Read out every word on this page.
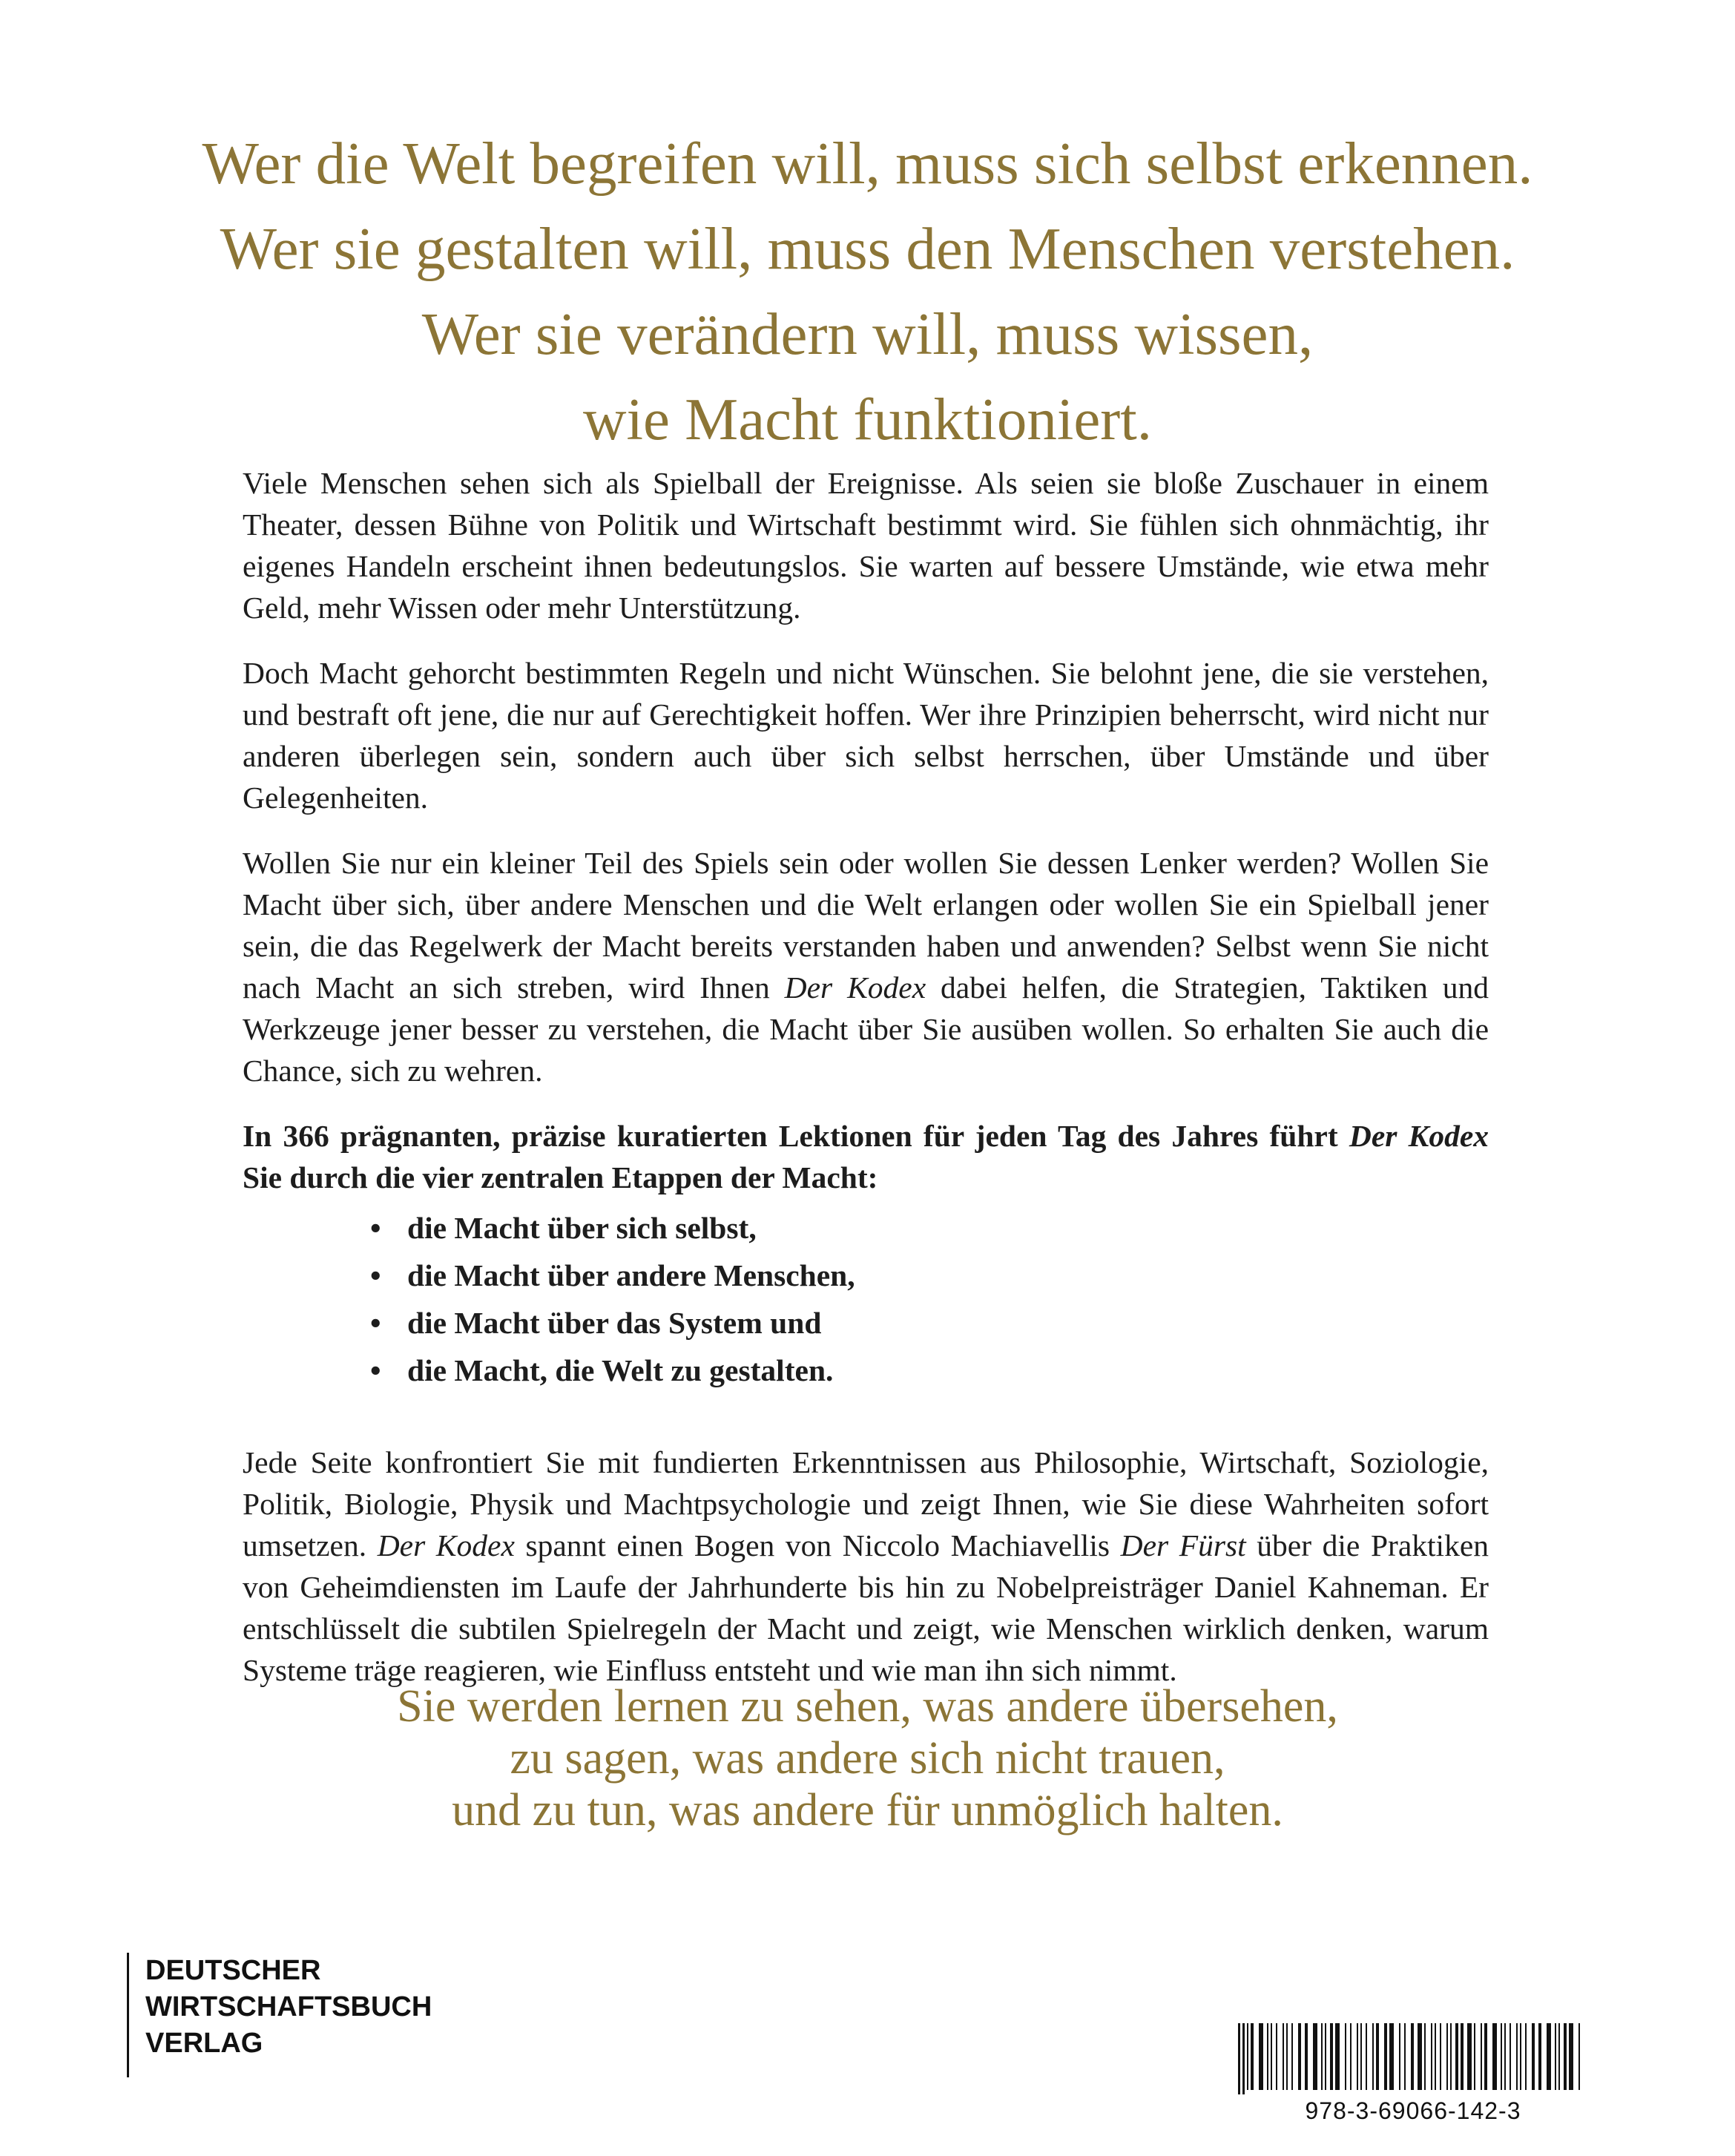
Wer die Welt begreifen will, muss sich selbst erkennen.
Wer sie gestalten will, muss den Menschen verstehen.
Wer sie verändern will, muss wissen,
wie Macht funktioniert.

Viele Menschen sehen sich als Spielball der Ereignisse. Als seien sie bloße Zuschauer in einem Theater, dessen Bühne von Politik und Wirtschaft bestimmt wird. Sie fühlen sich ohnmächtig, ihr eigenes Handeln erscheint ihnen bedeutungslos. Sie warten auf bessere Umstände, wie etwa mehr Geld, mehr Wissen oder mehr Unterstützung.

Doch Macht gehorcht bestimmten Regeln und nicht Wünschen. Sie belohnt jene, die sie verstehen, und bestraft oft jene, die nur auf Gerechtigkeit hoffen. Wer ihre Prinzipien beherrscht, wird nicht nur anderen überlegen sein, sondern auch über sich selbst herrschen, über Umstände und über Gelegenheiten.

Wollen Sie nur ein kleiner Teil des Spiels sein oder wollen Sie dessen Lenker werden? Wollen Sie Macht über sich, über andere Menschen und die Welt erlangen oder wollen Sie ein Spielball jener sein, die das Regelwerk der Macht bereits verstanden haben und anwenden? Selbst wenn Sie nicht nach Macht an sich streben, wird Ihnen Der Kodex dabei helfen, die Strategien, Taktiken und Werkzeuge jener besser zu verstehen, die Macht über Sie ausüben wollen. So erhalten Sie auch die Chance, sich zu wehren.

In 366 prägnanten, präzise kuratierten Lektionen für jeden Tag des Jahres führt Der Kodex Sie durch die vier zentralen Etappen der Macht:

• die Macht über sich selbst,
• die Macht über andere Menschen,
• die Macht über das System und
• die Macht, die Welt zu gestalten.

Jede Seite konfrontiert Sie mit fundierten Erkenntnissen aus Philosophie, Wirtschaft, Soziologie, Politik, Biologie, Physik und Machtpsychologie und zeigt Ihnen, wie Sie diese Wahrheiten sofort umsetzen. Der Kodex spannt einen Bogen von Niccolo Machiavellis Der Fürst über die Praktiken von Geheimdiensten im Laufe der Jahrhunderte bis hin zu Nobelpreisträger Daniel Kahneman. Er entschlüsselt die subtilen Spielregeln der Macht und zeigt, wie Menschen wirklich denken, warum Systeme träge reagieren, wie Einfluss entsteht und wie man ihn sich nimmt.

Sie werden lernen zu sehen, was andere übersehen,
zu sagen, was andere sich nicht trauen,
und zu tun, was andere für unmöglich halten.
DEUTSCHER
WIRTSCHAFTSBUCH
VERLAG
978-3-69066-142-3
